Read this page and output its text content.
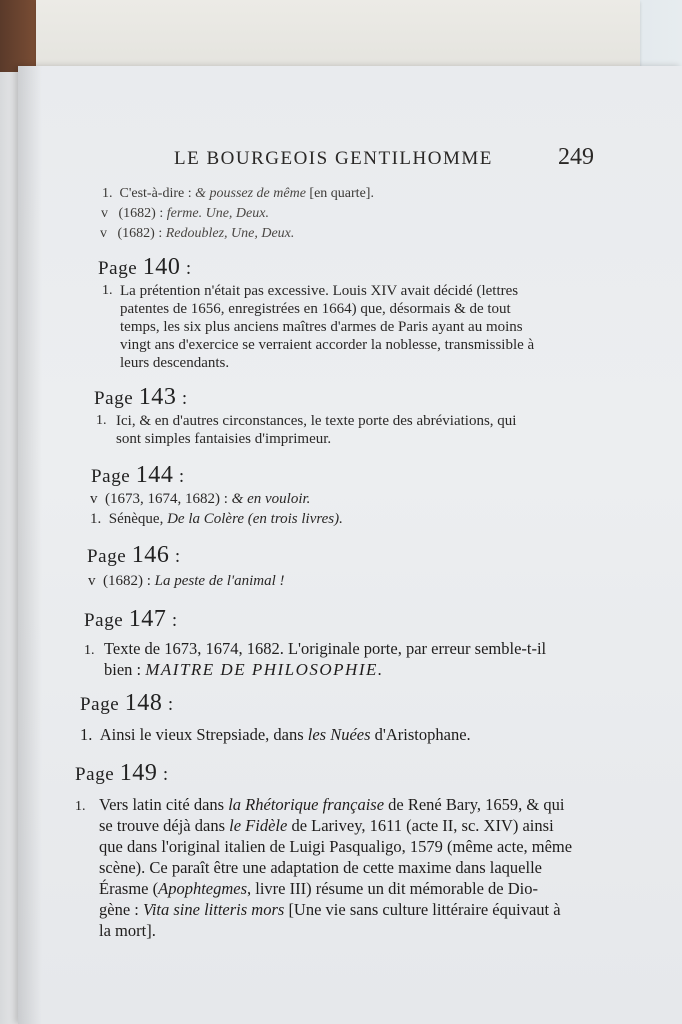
LE BOURGEOIS GENTILHOMME	249
1. C'est-à-dire : & poussez de même [en quarte].
v (1682) : ferme. Une, Deux.
v (1682) : Redoublez, Une, Deux.
Page 140 :
1. La prétention n'était pas excessive. Louis XIV avait décidé (lettres
patentes de 1656, enregistrées en 1664) que, désormais & de tout
temps, les six plus anciens maîtres d'armes de Paris ayant au moins
vingt ans d'exercice se verraient accorder la noblesse, transmissible à
leurs descendants.
Page 143 :
1. Ici, & en d'autres circonstances, le texte porte des abréviations, qui
sont simples fantaisies d'imprimeur.
Page 144 :
v (1673, 1674, 1682) : & en vouloir.
1. Sénèque, De la Colère (en trois livres).
Page 146 :
v (1682) : La peste de l'animal !
Page 147 :
1. Texte de 1673, 1674, 1682. L'originale porte, par erreur semble-t-il
bien : MAITRE DE PHILOSOPHIE.
Page 148 :
1. Ainsi le vieux Strepsiade, dans les Nuées d'Aristophane.
Page 149 :
1. Vers latin cité dans la Rhétorique française de René Bary, 1659, & qui
se trouve déjà dans le Fidèle de Larivey, 1611 (acte II, sc. XIV) ainsi
que dans l'original italien de Luigi Pasqualigo, 1579 (même acte, même
scène). Ce paraît être une adaptation de cette maxime dans laquelle
Érasme (Apophtegmes, livre III) résume un dit mémorable de Dio-
gène : Vita sine litteris mors [Une vie sans culture littéraire équivaut à
la mort].
